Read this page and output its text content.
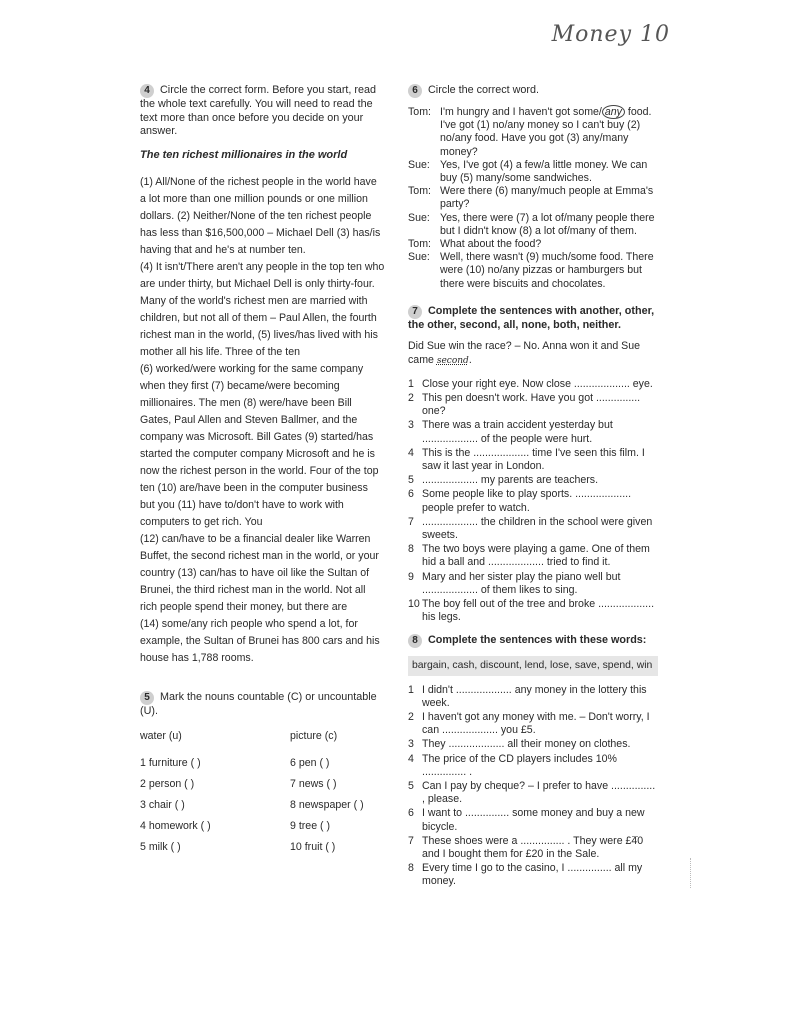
Money 10
4 Circle the correct form. Before you start, read the whole text carefully. You will need to read the text more than once before you decide on your answer.
The ten richest millionaires in the world

(1) All/None of the richest people in the world have a lot more than one million pounds or one million dollars. (2) Neither/None of the ten richest people has less than $16,500,000 – Michael Dell (3) has/is having that and he's at number ten.

(4) It isn't/There aren't any people in the top ten who are under thirty, but Michael Dell is only thirty-four. Many of the world's richest men are married with children, but not all of them – Paul Allen, the fourth richest man in the world, (5) lives/has lived with his mother all his life. Three of the ten

(6) worked/were working for the same company when they first (7) became/were becoming millionaires. The men (8) were/have been Bill Gates, Paul Allen and Steven Ballmer, and the company was Microsoft. Bill Gates (9) started/has started the computer company Microsoft and he is now the richest person in the world. Four of the top ten (10) are/have been in the computer business but you (11) have to/don't have to work with computers to get rich. You

(12) can/have to be a financial dealer like Warren Buffet, the second richest man in the world, or your country (13) can/has to have oil like the Sultan of Brunei, the third richest man in the world. Not all rich people spend their money, but there are

(14) some/any rich people who spend a lot, for example, the Sultan of Brunei has 800 cars and his house has 1,788 rooms.

5 Mark the nouns countable (C) or uncountable (U).
water (u)	picture (c)
1 furniture ( )	6 pen ( )
2 person ( )	7 news ( )
3 chair ( )	8 newspaper ( )
4 homework ( )	9 tree ( )
5 milk ( )	10 fruit ( )
6 Circle the correct word.
Tom: I'm hungry and I haven't got some/ any food. I've got (1) no/any money so I can't buy (2) no/any food. Have you got (3) any/many money?
Sue: Yes, I've got (4) a few/a little money. We can buy (5) many/some sandwiches.
Tom: Were there (6) many/much people at Emma's party?
Sue: Yes, there were (7) a lot of/many people there but I didn't know (8) a lot of/many of them.
Tom: What about the food?
Sue: Well, there wasn't (9) much/some food. There were (10) no/any pizzas or hamburgers but there were biscuits and chocolates.
7 Complete the sentences with another, other, the other, second, all, none, both, neither.
Did Sue win the race? – No. Anna won it and Sue came second.
1 Close your right eye. Now close ................... eye.
2 This pen doesn't work. Have you got ............... one?
3 There was a train accident yesterday but ................... of the people were hurt.
4 This is the ................... time I've seen this film. I saw it last year in London.
5 ................... my parents are teachers.
6 Some people like to play sports. ................... people prefer to watch.
7 ................... the children in the school were given sweets.
8 The two boys were playing a game. One of them hid a ball and ................... tried to find it.
9 Mary and her sister play the piano well but ................... of them likes to sing.
10 The boy fell out of the tree and broke ................... his legs.
8 Complete the sentences with these words:
bargain, cash, discount, lend, lose, save, spend, win
1 I didn't ................... any money in the lottery this week.
2 I haven't got any money with me. – Don't worry, I can ................... you £5.
3 They ................... all their money on clothes.
4 The price of the CD players includes 10% ............... .
5 Can I pay by cheque? – I prefer to have ............... , please.
6 I want to ............... some money and buy a new bicycle.
7 These shoes were a ............... . They were £40 and I bought them for £20 in the Sale.
8 Every time I go to the casino, I ............... all my money.
